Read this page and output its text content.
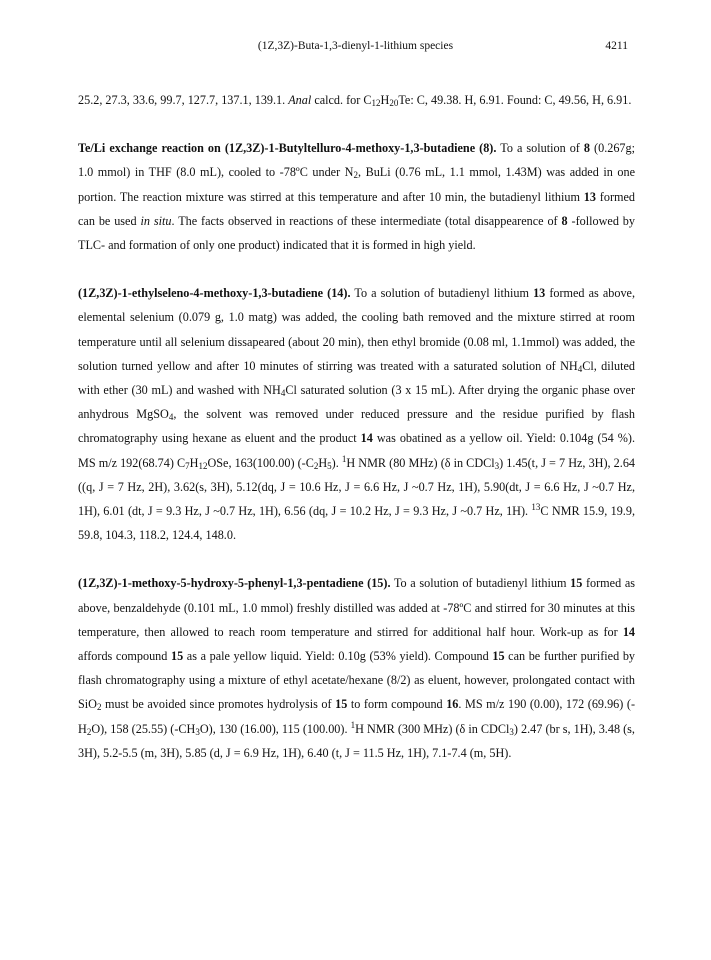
(1Z,3Z)-Buta-1,3-dienyl-1-lithium species	4211

25.2, 27.3, 33.6, 99.7, 127.7, 137.1, 139.1. Anal calcd. for $C_{12}H_{20}Te$: C, 49.38. H, 6.91. Found: C, 49.56, H, 6.91.

Te/Li exchange reaction on (1Z,3Z)-1-Butyltelluro-4-methoxy-1,3-butadiene (8). To a solution of 8 (0.267g; 1.0 mmol) in THF (8.0 mL), cooled to -78ºC under $N_2$, BuLi (0.76 mL, 1.1 mmol, 1.43M) was added in one portion. The reaction mixture was stirred at this temperature and after 10 min, the butadienyl lithium 13 formed can be used in situ. The facts observed in reactions of these intermediate (total disappearence of 8 -followed by TLC- and formation of only one product) indicated that it is formed in high yield.

(1Z,3Z)-1-ethylseleno-4-methoxy-1,3-butadiene (14). To a solution of butadienyl lithium 13 formed as above, elemental selenium (0.079 g, 1.0 matg) was added, the cooling bath removed and the mixture stirred at room temperature until all selenium dissapeared (about 20 min), then ethyl bromide (0.08 ml, 1.1mmol) was added, the solution turned yellow and after 10 minutes of stirring was treated with a saturated solution of $NH_4Cl$, diluted with ether (30 mL) and washed with $NH_4Cl$ saturated solution (3 x 15 mL). After drying the organic phase over anhydrous MgSO$_4$, the solvent was removed under reduced pressure and the residue purified by flash chromatography using hexane as eluent and the product 14 was obatined as a yellow oil. Yield: 0.104g (54 %). MS m/z 192(68.74) $C_7H_{12}OSe$, 163(100.00) $(-C_2H_5)$. $^1$H NMR (80 MHz) (δ in CDCl$_3$) 1.45(t, J = 7 Hz, 3H), 2.64 ((q, J = 7 Hz, 2H), 3.62(s, 3H), 5.12(dq, J = 10.6 Hz, J = 6.6 Hz, J ~0.7 Hz, 1H), 5.90(dt, J = 6.6 Hz, J ~0.7 Hz, 1H), 6.01 (dt, J = 9.3 Hz, J ~0.7 Hz, 1H), 6.56 (dq, J = 10.2 Hz, J = 9.3 Hz, J ~0.7 Hz, 1H). $^{13}$C NMR 15.9, 19.9, 59.8, 104.3, 118.2, 124.4, 148.0.

(1Z,3Z)-1-methoxy-5-hydroxy-5-phenyl-1,3-pentadiene (15). To a solution of butadienyl lithium 15 formed as above, benzaldehyde (0.101 mL, 1.0 mmol) freshly distilled was added at -78ºC and stirred for 30 minutes at this temperature, then allowed to reach room temperature and stirred for additional half hour. Work-up as for 14 affords compound 15 as a pale yellow liquid. Yield: 0.10g (53% yield). Compound 15 can be further purified by flash chromatography using a mixture of ethyl acetate/hexane (8/2) as eluent, however, prolongated contact with SiO$_2$ must be avoided since promotes hydrolysis of 15 to form compound 16. MS m/z 190 (0.00), 172 (69.96) $(-H_2O)$, 158 (25.55) $(-CH_3O)$, 130 (16.00), 115 (100.00). $^1$H NMR (300 MHz) (δ in CDCl$_3$) 2.47 (br s, 1H), 3.48 (s, 3H), 5.2-5.5 (m, 3H), 5.85 (d, J = 6.9 Hz, 1H), 6.40 (t, J = 11.5 Hz, 1H), 7.1-7.4 (m, 5H).
